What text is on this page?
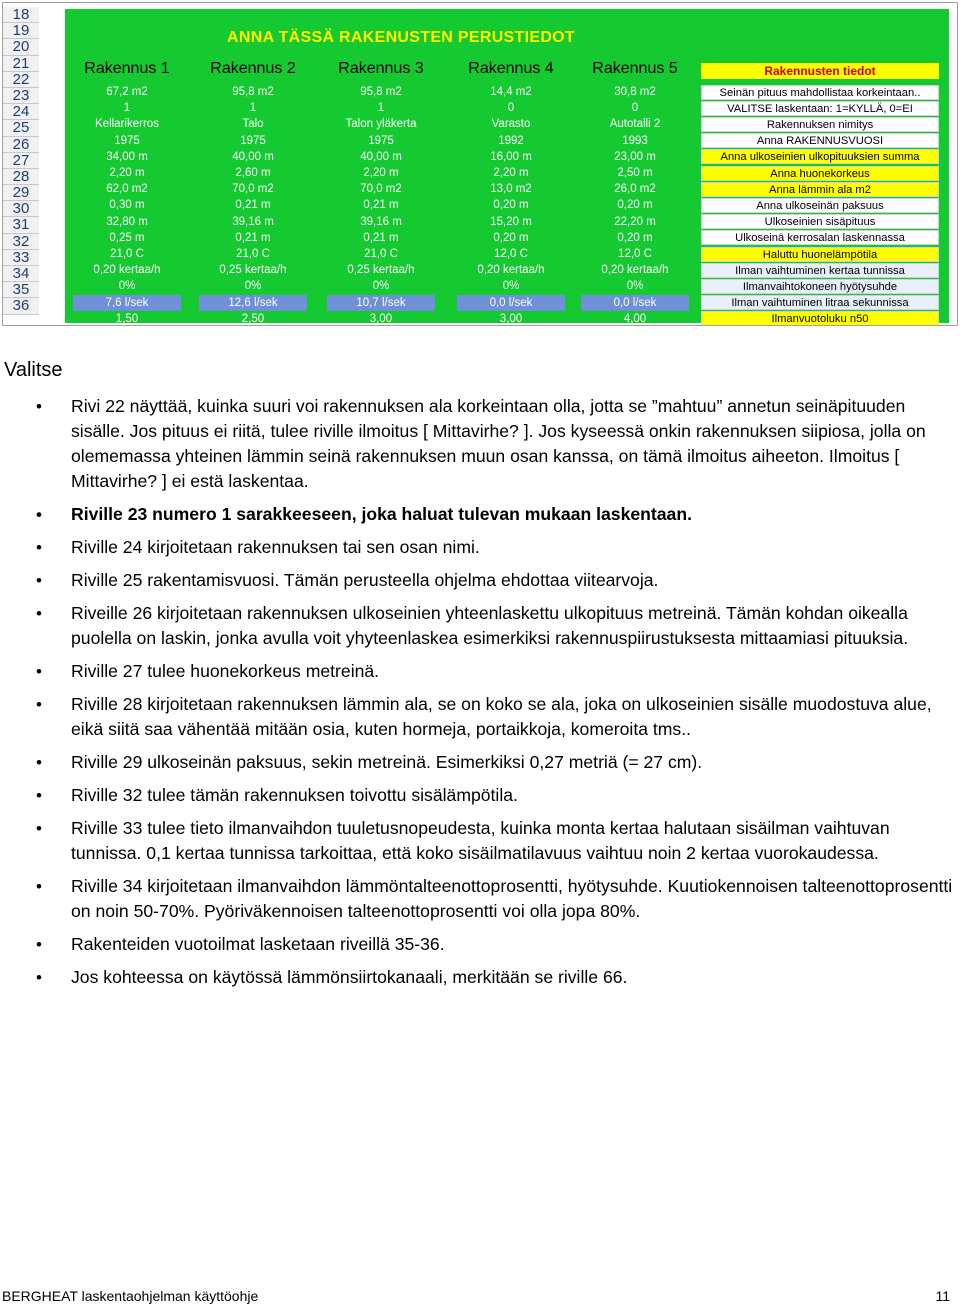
18
19
20
21
22
23
24
25
26
27
28
29
30
31
32
33
34
35
36
ANNA TÄSSÄ RAKENUSTEN PERUSTIEDOT
Rakennus 1	Rakennus 2	Rakennus 3	Rakennus 4	Rakennus 5	Rakennusten tiedot
67,2 m2	95,8 m2	95,8 m2	14,4 m2	30,8 m2	Seinän pituus mahdollistaa korkeintaan..
1	1	1	0	0	VALITSE laskentaan: 1=KYLLÄ, 0=EI
Kellarikerros	Talo	Talon yläkerta	Varasto	Autotalli 2	Rakennuksen nimitys
1975	1975	1975	1992	1993	Anna RAKENNUSVUOSI
34,00 m	40,00 m	40,00 m	16,00 m	23,00 m	Anna ulkoseinien ulkopituuksien summa
2,20 m	2,60 m	2,20 m	2,20 m	2,50 m	Anna huonekorkeus
62,0 m2	70,0 m2	70,0 m2	13,0 m2	26,0 m2	Anna lämmin ala m2
0,30 m	0,21 m	0,21 m	0,20 m	0,20 m	Anna ulkoseinän paksuus
32,80 m	39,16 m	39,16 m	15,20 m	22,20 m	Ulkoseinien sisäpituus
0,25 m	0,21 m	0,21 m	0,20 m	0,20 m	Ulkoseinä kerrosalan laskennassa
21,0 C	21,0 C	21,0 C	12,0 C	12,0 C	Haluttu huonelämpötila
0,20 kertaa/h	0,25 kertaa/h	0,25 kertaa/h	0,20 kertaa/h	0,20 kertaa/h	Ilman vaihtuminen kertaa tunnissa
0%	0%	0%	0%	0%	Ilmanvaihtokoneen hyötysuhde
7,6 l/sek	12,6 l/sek	10,7 l/sek	0,0 l/sek	0,0 l/sek	Ilman vaihtuminen litraa sekunnissa
1,50	2,50	3,00	3,00	4,00	Ilmanvuotoluku n50
Valitse
• Rivi 22 näyttää, kuinka suuri voi rakennuksen ala korkeintaan olla, jotta se ”mahtuu” annetun seinäpituuden sisälle. Jos pituus ei riitä, tulee riville ilmoitus [ Mittavirhe? ]. Jos kyseessä onkin rakennuksen siipiosa, jolla on olememassa yhteinen lämmin seinä rakennuksen muun osan kanssa, on tämä ilmoitus aiheeton. Ilmoitus [ Mittavirhe? ] ei estä laskentaa.
• Riville 23 numero 1 sarakkeeseen, joka haluat tulevan mukaan laskentaan.
• Riville 24 kirjoitetaan rakennuksen tai sen osan nimi.
• Riville 25 rakentamisvuosi. Tämän perusteella ohjelma ehdottaa viitearvoja.
• Riveille 26 kirjoitetaan rakennuksen ulkoseinien yhteenlaskettu ulkopituus metreinä. Tämän kohdan oikealla puolella on laskin, jonka avulla voit yhyteenlaskea esimerkiksi rakennuspiirustuksesta mittaamiasi pituuksia.
• Riville 27 tulee huonekorkeus metreinä.
• Riville 28 kirjoitetaan rakennuksen lämmin ala, se on koko se ala, joka on ulkoseinien sisälle muodostuva alue, eikä siitä saa vähentää mitään osia, kuten hormeja, portaikkoja, komeroita tms..
• Riville 29 ulkoseinän paksuus, sekin metreinä. Esimerkiksi 0,27 metriä (= 27 cm).
• Riville 32 tulee tämän rakennuksen toivottu sisälämpötila.
• Riville 33 tulee tieto ilmanvaihdon tuuletusnopeudesta, kuinka monta kertaa halutaan sisäilman vaihtuvan tunnissa. 0,1 kertaa tunnissa tarkoittaa, että koko sisäilmatilavuus vaihtuu noin 2 kertaa vuorokaudessa.
• Riville 34 kirjoitetaan ilmanvaihdon lämmöntalteenottoprosentti, hyötysuhde. Kuutiokennoisen talteenottoprosentti on noin 50-70%. Pyöriväkennoisen talteenottoprosentti voi olla jopa 80%.
• Rakenteiden vuotoilmat lasketaan riveillä 35-36.
• Jos kohteessa on käytössä lämmönsiirtokanaali, merkitään se riville 66.
BERGHEAT laskentaohjelman käyttöohje	11
